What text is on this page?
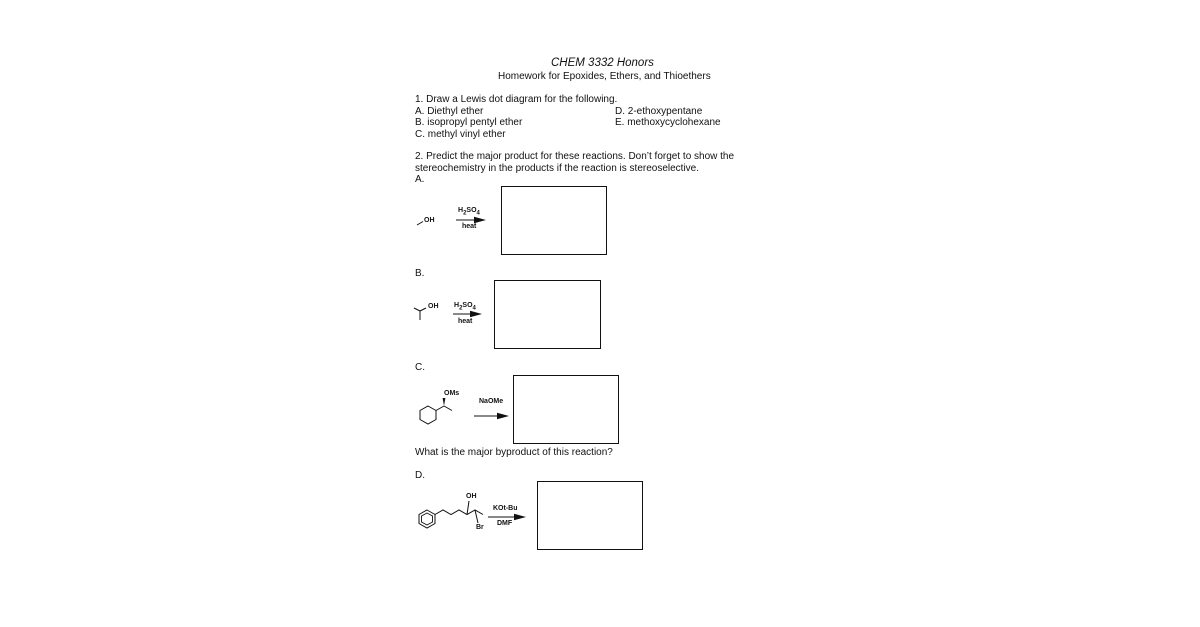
CHEM 3332 Honors
Homework for Epoxides, Ethers, and Thioethers
1. Draw a Lewis dot diagram for the following.
A. Diethyl ether
B. isopropyl pentyl ether
C. methyl vinyl ether
D. 2-ethoxypentane
E. methoxycyclohexane
2. Predict the major product for these reactions. Don’t forget to show the
stereochemistry in the products if the reaction is stereoselective.
A.
OH
$H_2SO_4$
heat
B.
OH $H_2SO_4$
heat
C.
OMs
NaOMe
What is the major byproduct of this reaction?
D.
OH
Br
KOt-Bu
DMF
